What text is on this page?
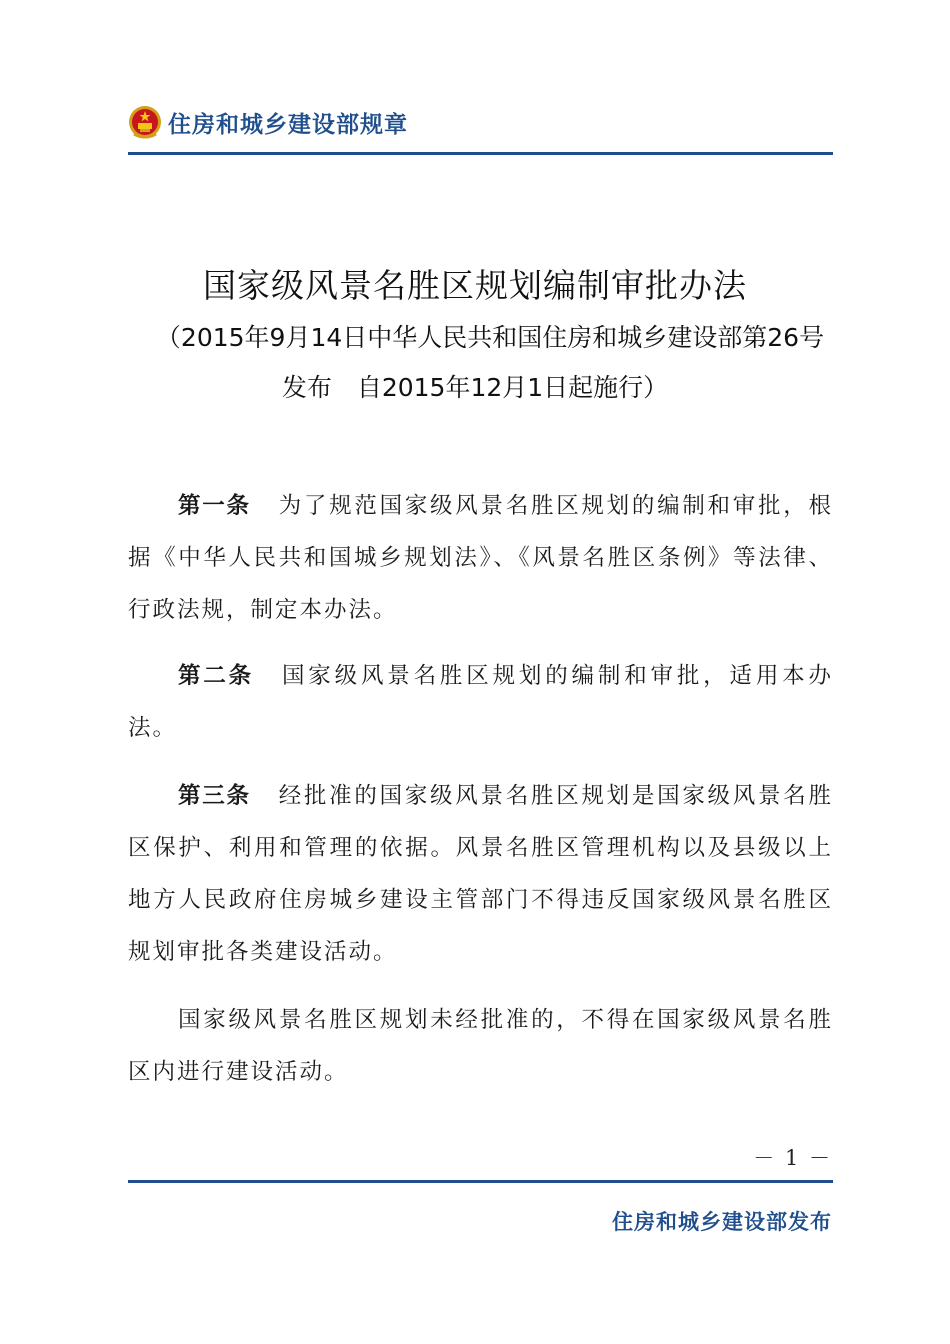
住房和城乡建设部规章
国家级风景名胜区规划编制审批办法
（2015年9月14日中华人民共和国住房和城乡建设部第26号
发布　自2015年12月1日起施行）
第一条 为了规范国家级风景名胜区规划的编制和审批，根据《中华人民共和国城乡规划法》、《风景名胜区条例》等法律、行政法规，制定本办法。
第二条 国家级风景名胜区规划的编制和审批，适用本办法。
第三条 经批准的国家级风景名胜区规划是国家级风景名胜区保护、利用和管理的依据。风景名胜区管理机构以及县级以上地方人民政府住房城乡建设主管部门不得违反国家级风景名胜区规划审批各类建设活动。
国家级风景名胜区规划未经批准的，不得在国家级风景名胜区内进行建设活动。
－ 1 －
住房和城乡建设部发布
